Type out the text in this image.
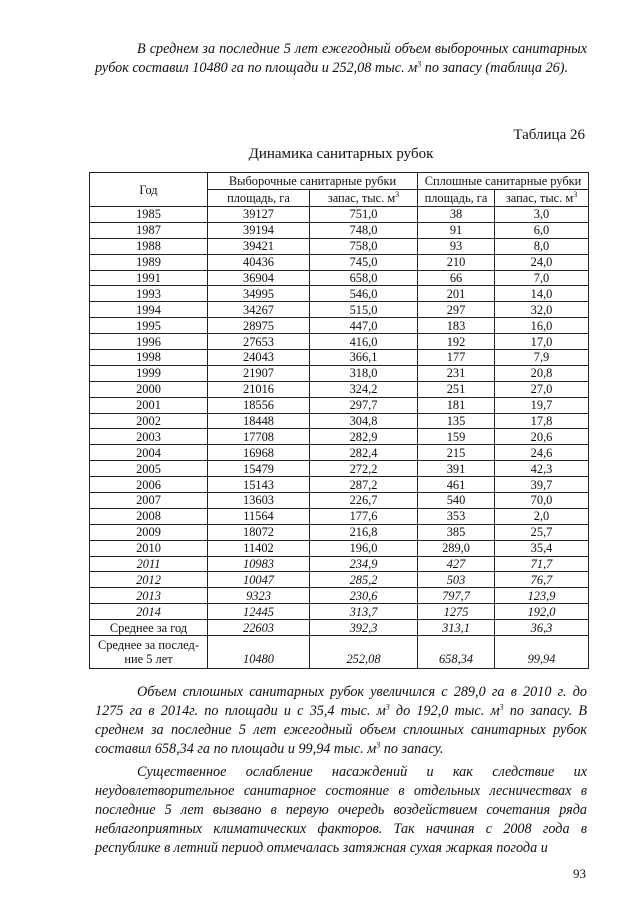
В среднем за последние 5 лет ежегодный объем выборочных санитарных рубок составил 10480 га по площади и 252,08 тыс. $м^3$ по запасу (таблица 26).

Таблица 26
Динамика санитарных рубок
Год	Выборочные санитарные рубки		Сплошные санитарные рубки	
	площадь, га	запас, тыс. $м^3$	площадь, га	запас, тыс. $м^3$
1985	39127	751,0	38	3,0
1987	39194	748,0	91	6,0
1988	39421	758,0	93	8,0
1989	40436	745,0	210	24,0
1991	36904	658,0	66	7,0
1993	34995	546,0	201	14,0
1994	34267	515,0	297	32,0
1995	28975	447,0	183	16,0
1996	27653	416,0	192	17,0
1998	24043	366,1	177	7,9
1999	21907	318,0	231	20,8
2000	21016	324,2	251	27,0
2001	18556	297,7	181	19,7
2002	18448	304,8	135	17,8
2003	17708	282,9	159	20,6
2004	16968	282,4	215	24,6
2005	15479	272,2	391	42,3
2006	15143	287,2	461	39,7
2007	13603	226,7	540	70,0
2008	11564	177,6	353	2,0
2009	18072	216,8	385	25,7
2010	11402	196,0	289,0	35,4
2011	10983	234,9	427	71,7
2012	10047	285,2	503	76,7
2013	9323	230,6	797,7	123,9
2014	12445	313,7	1275	192,0
Среднее за год	22603	392,3	313,1	36,3
Среднее за послед-ние 5 лет	10480	252,08	658,34	99,94

Объем сплошных санитарных рубок увеличился с 289,0 га в 2010 г. до 1275 га в 2014г. по площади и с 35,4 тыс. $м^3$ до 192,0 тыс. $м^3$ по запасу. В среднем за последние 5 лет ежегодный объем сплошных санитарных рубок составил 658,34 га по площади и 99,94 тыс. $м^3$ по запасу.

Существенное ослабление насаждений и как следствие их неудовлетворительное санитарное состояние в отдельных лесничествах в последние 5 лет вызвано в первую очередь воздействием сочетания ряда неблагоприятных климатических факторов. Так начиная с 2008 года в республике в летний период отмечалась затяжная сухая жаркая погода и

93
